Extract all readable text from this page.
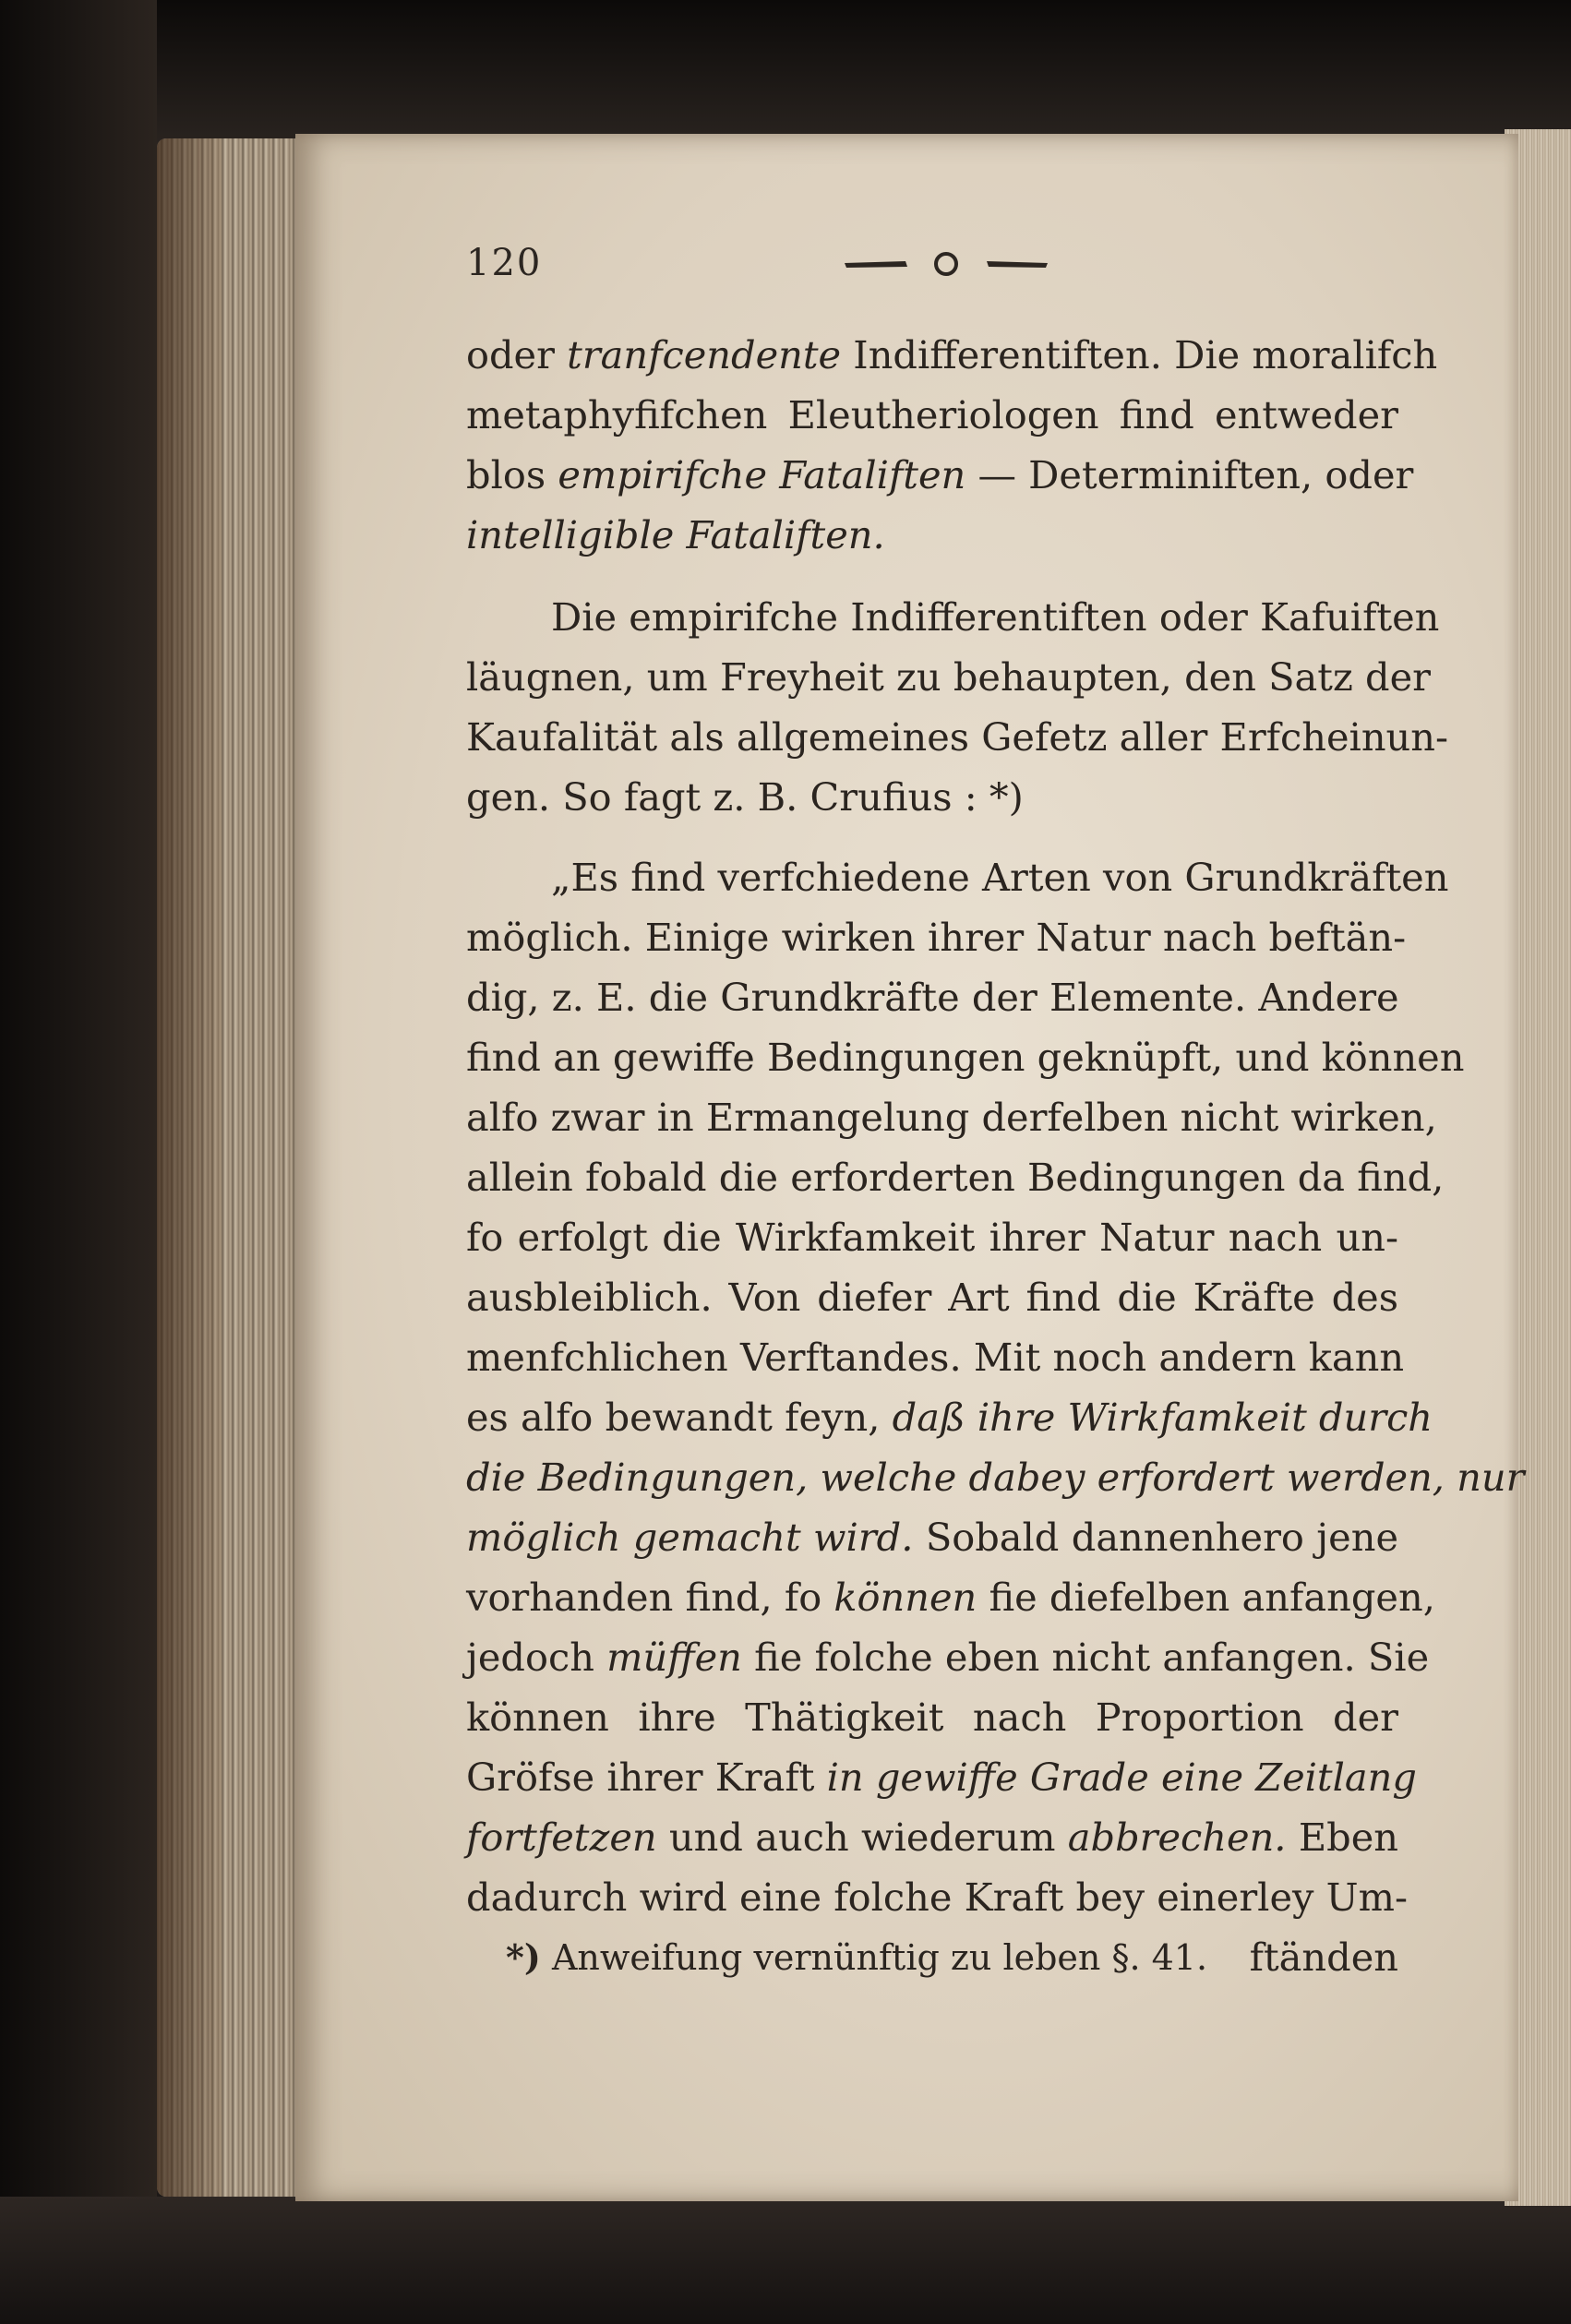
120
oder tranfcendente Indifferentiften. Die moralifch
metaphyfifchen Eleutheriologen find entweder
blos empirifche Fataliften — Determiniften, oder
intelligible Fataliften.
Die empirifche Indifferentiften oder Kafuiften
läugnen, um Freyheit zu behaupten, den Satz der
Kaufalität als allgemeines Gefetz aller Erfcheinun-
gen. So fagt z. B. Crufius : *)
„Es find verfchiedene Arten von Grundkräften
möglich. Einige wirken ihrer Natur nach beftän-
dig, z. E. die Grundkräfte der Elemente. Andere
find an gewiffe Bedingungen geknüpft, und können
alfo zwar in Ermangelung derfelben nicht wirken,
allein fobald die erforderten Bedingungen da find,
fo erfolgt die Wirkfamkeit ihrer Natur nach un-
ausbleiblich. Von diefer Art find die Kräfte des
menfchlichen Verftandes. Mit noch andern kann
es alfo bewandt feyn, daß ihre Wirkfamkeit durch
die Bedingungen, welche dabey erfordert werden, nur
möglich gemacht wird. Sobald dannenhero jene
vorhanden find, fo können fie diefelben anfangen,
jedoch müffen fie folche eben nicht anfangen. Sie
können ihre Thätigkeit nach Proportion der
Gröfse ihrer Kraft in gewiffe Grade eine Zeitlang
fortfetzen und auch wiederum abbrechen. Eben
dadurch wird eine folche Kraft bey einerley Um-
ftänden
*) Anweifung vernünftig zu leben §. 41.
